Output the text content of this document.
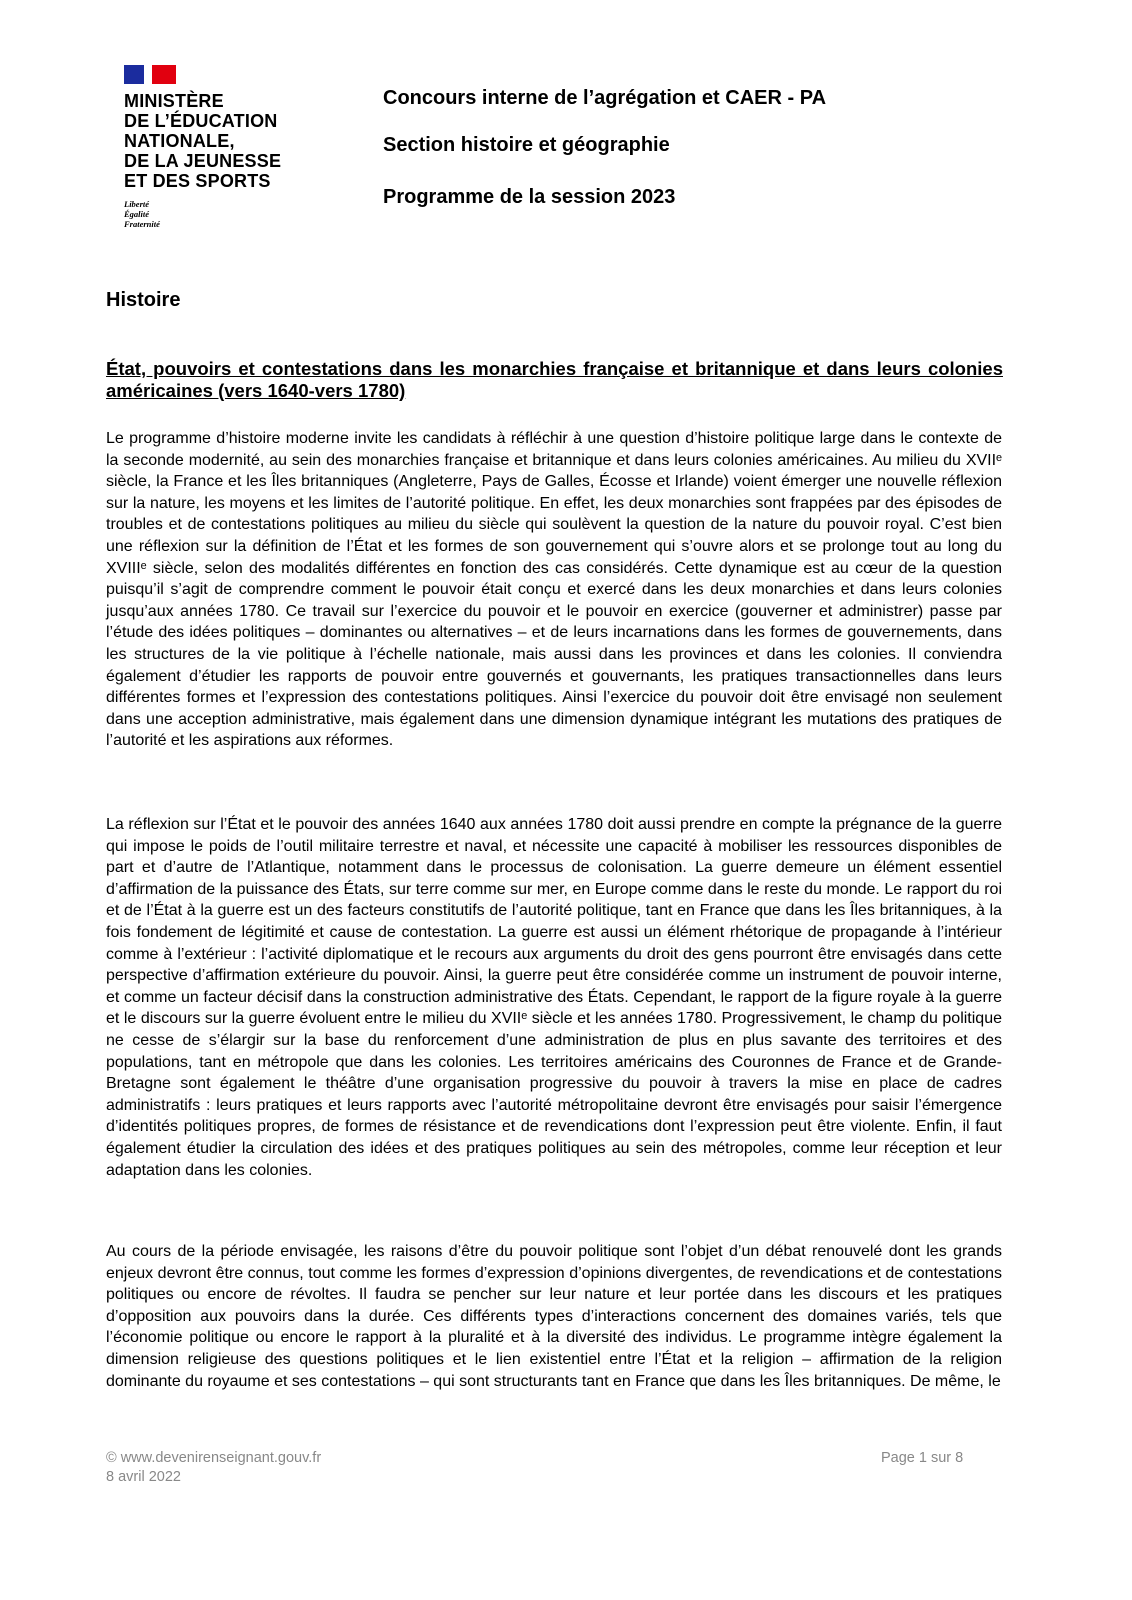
MINISTÈRE
DE L’ÉDUCATION
NATIONALE,
DE LA JEUNESSE
ET DES SPORTS
Liberté
Égalité
Fraternité
Concours interne de l’agrégation et CAER - PA
Section histoire et géographie
Programme de la session 2023
Histoire
État, pouvoirs et contestations dans les monarchies française et britannique et dans leurs colonies américaines (vers 1640-vers 1780)

Le programme d’histoire moderne invite les candidats à réfléchir à une question d’histoire politique large dans le contexte de la seconde modernité, au sein des monarchies française et britannique et dans leurs colonies américaines. Au milieu du XVIIᵉ siècle, la France et les Îles britanniques (Angleterre, Pays de Galles, Écosse et Irlande) voient émerger une nouvelle réflexion sur la nature, les moyens et les limites de l’autorité politique. En effet, les deux monarchies sont frappées par des épisodes de troubles et de contestations politiques au milieu du siècle qui soulèvent la question de la nature du pouvoir royal. C’est bien une réflexion sur la définition de l’État et les formes de son gouvernement qui s’ouvre alors et se prolonge tout au long du XVIIIᵉ siècle, selon des modalités différentes en fonction des cas considérés. Cette dynamique est au cœur de la question puisqu’il s’agit de comprendre comment le pouvoir était conçu et exercé dans les deux monarchies et dans leurs colonies jusqu’aux années 1780. Ce travail sur l’exercice du pouvoir et le pouvoir en exercice (gouverner et administrer) passe par l’étude des idées politiques – dominantes ou alternatives – et de leurs incarnations dans les formes de gouvernements, dans les structures de la vie politique à l’échelle nationale, mais aussi dans les provinces et dans les colonies. Il conviendra également d’étudier les rapports de pouvoir entre gouvernés et gouvernants, les pratiques transactionnelles dans leurs différentes formes et l’expression des contestations politiques. Ainsi l’exercice du pouvoir doit être envisagé non seulement dans une acception administrative, mais également dans une dimension dynamique intégrant les mutations des pratiques de l’autorité et les aspirations aux réformes.

La réflexion sur l’État et le pouvoir des années 1640 aux années 1780 doit aussi prendre en compte la prégnance de la guerre qui impose le poids de l’outil militaire terrestre et naval, et nécessite une capacité à mobiliser les ressources disponibles de part et d’autre de l’Atlantique, notamment dans le processus de colonisation. La guerre demeure un élément essentiel d’affirmation de la puissance des États, sur terre comme sur mer, en Europe comme dans le reste du monde. Le rapport du roi et de l’État à la guerre est un des facteurs constitutifs de l’autorité politique, tant en France que dans les Îles britanniques, à la fois fondement de légitimité et cause de contestation. La guerre est aussi un élément rhétorique de propagande à l’intérieur comme à l’extérieur : l’activité diplomatique et le recours aux arguments du droit des gens pourront être envisagés dans cette perspective d’affirmation extérieure du pouvoir. Ainsi, la guerre peut être considérée comme un instrument de pouvoir interne, et comme un facteur décisif dans la construction administrative des États. Cependant, le rapport de la figure royale à la guerre et le discours sur la guerre évoluent entre le milieu du XVIIᵉ siècle et les années 1780. Progressivement, le champ du politique ne cesse de s’élargir sur la base du renforcement d’une administration de plus en plus savante des territoires et des populations, tant en métropole que dans les colonies. Les territoires américains des Couronnes de France et de Grande-Bretagne sont également le théâtre d’une organisation progressive du pouvoir à travers la mise en place de cadres administratifs : leurs pratiques et leurs rapports avec l’autorité métropolitaine devront être envisagés pour saisir l’émergence d’identités politiques propres, de formes de résistance et de revendications dont l’expression peut être violente. Enfin, il faut également étudier la circulation des idées et des pratiques politiques au sein des métropoles, comme leur réception et leur adaptation dans les colonies.

Au cours de la période envisagée, les raisons d’être du pouvoir politique sont l’objet d’un débat renouvelé dont les grands enjeux devront être connus, tout comme les formes d’expression d’opinions divergentes, de revendications et de contestations politiques ou encore de révoltes. Il faudra se pencher sur leur nature et leur portée dans les discours et les pratiques d’opposition aux pouvoirs dans la durée. Ces différents types d’interactions concernent des domaines variés, tels que l’économie politique ou encore le rapport à la pluralité et à la diversité des individus. Le programme intègre également la dimension religieuse des questions politiques et le lien existentiel entre l’État et la religion – affirmation de la religion dominante du royaume et ses contestations – qui sont structurants tant en France que dans les Îles britanniques. De même, le

© www.devenirenseignant.gouv.fr
8 avril 2022
Page 1 sur 8
